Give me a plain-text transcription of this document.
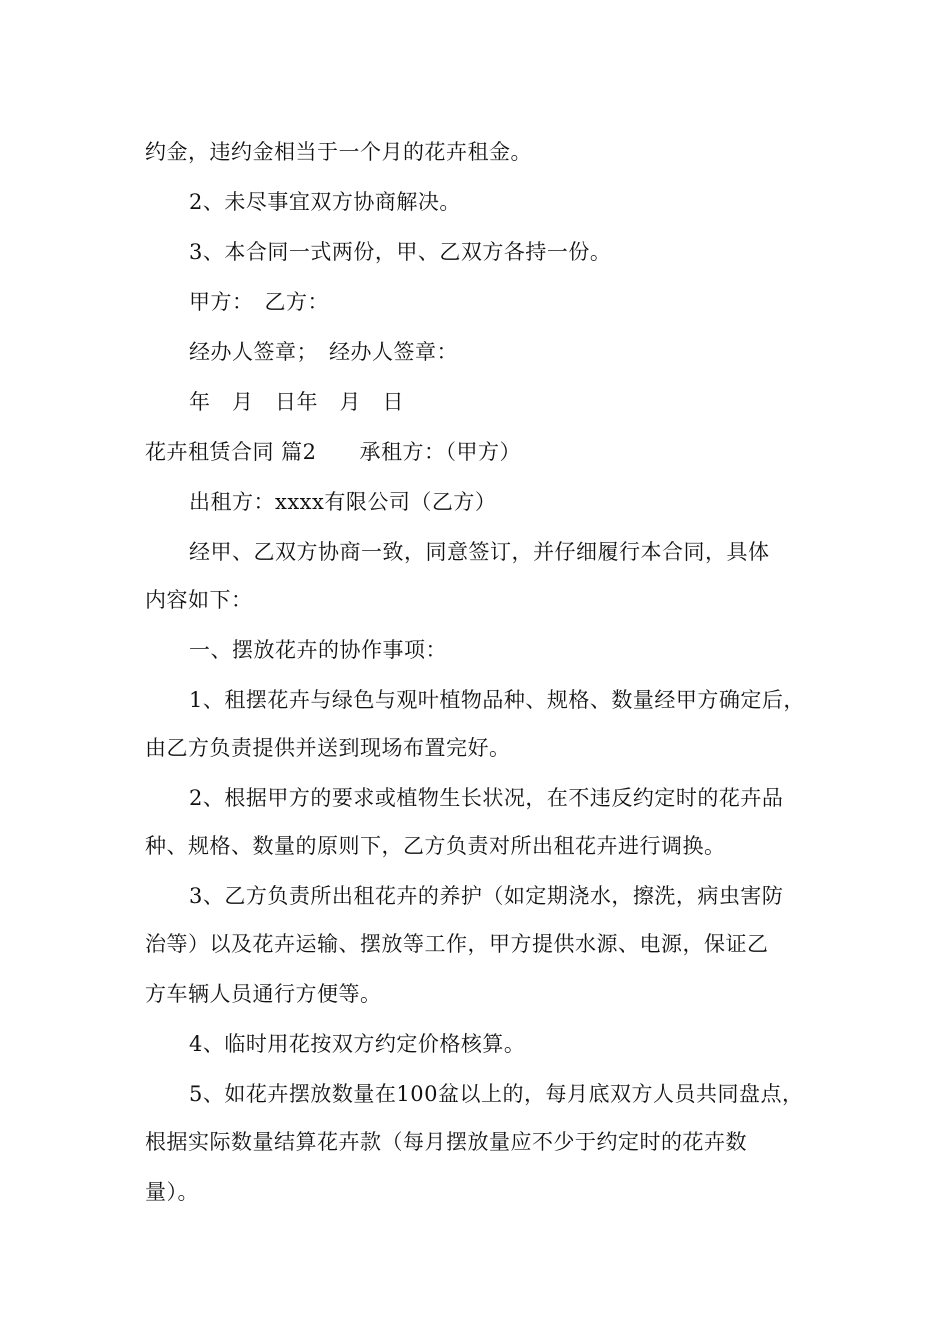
约金，违约金相当于一个月的花卉租金。
2、未尽事宜双方协商解决。
3、本合同一式两份，甲、乙双方各持一份。
甲方：　乙方：
经办人签章；　经办人签章：
年　月　日年　月　日
花卉租赁合同 篇2　　承租方：（甲方）
出租方：xxxx有限公司（乙方）
经甲、乙双方协商一致，同意签订，并仔细履行本合同，具体
内容如下：
一、摆放花卉的协作事项：
1、租摆花卉与绿色与观叶植物品种、规格、数量经甲方确定后，
由乙方负责提供并送到现场布置完好。
2、根据甲方的要求或植物生长状况，在不违反约定时的花卉品
种、规格、数量的原则下，乙方负责对所出租花卉进行调换。
3、乙方负责所出租花卉的养护（如定期浇水，擦洗，病虫害防
治等）以及花卉运输、摆放等工作，甲方提供水源、电源，保证乙
方车辆人员通行方便等。
4、临时用花按双方约定价格核算。
5、如花卉摆放数量在100盆以上的，每月底双方人员共同盘点，
根据实际数量结算花卉款（每月摆放量应不少于约定时的花卉数
量）。
